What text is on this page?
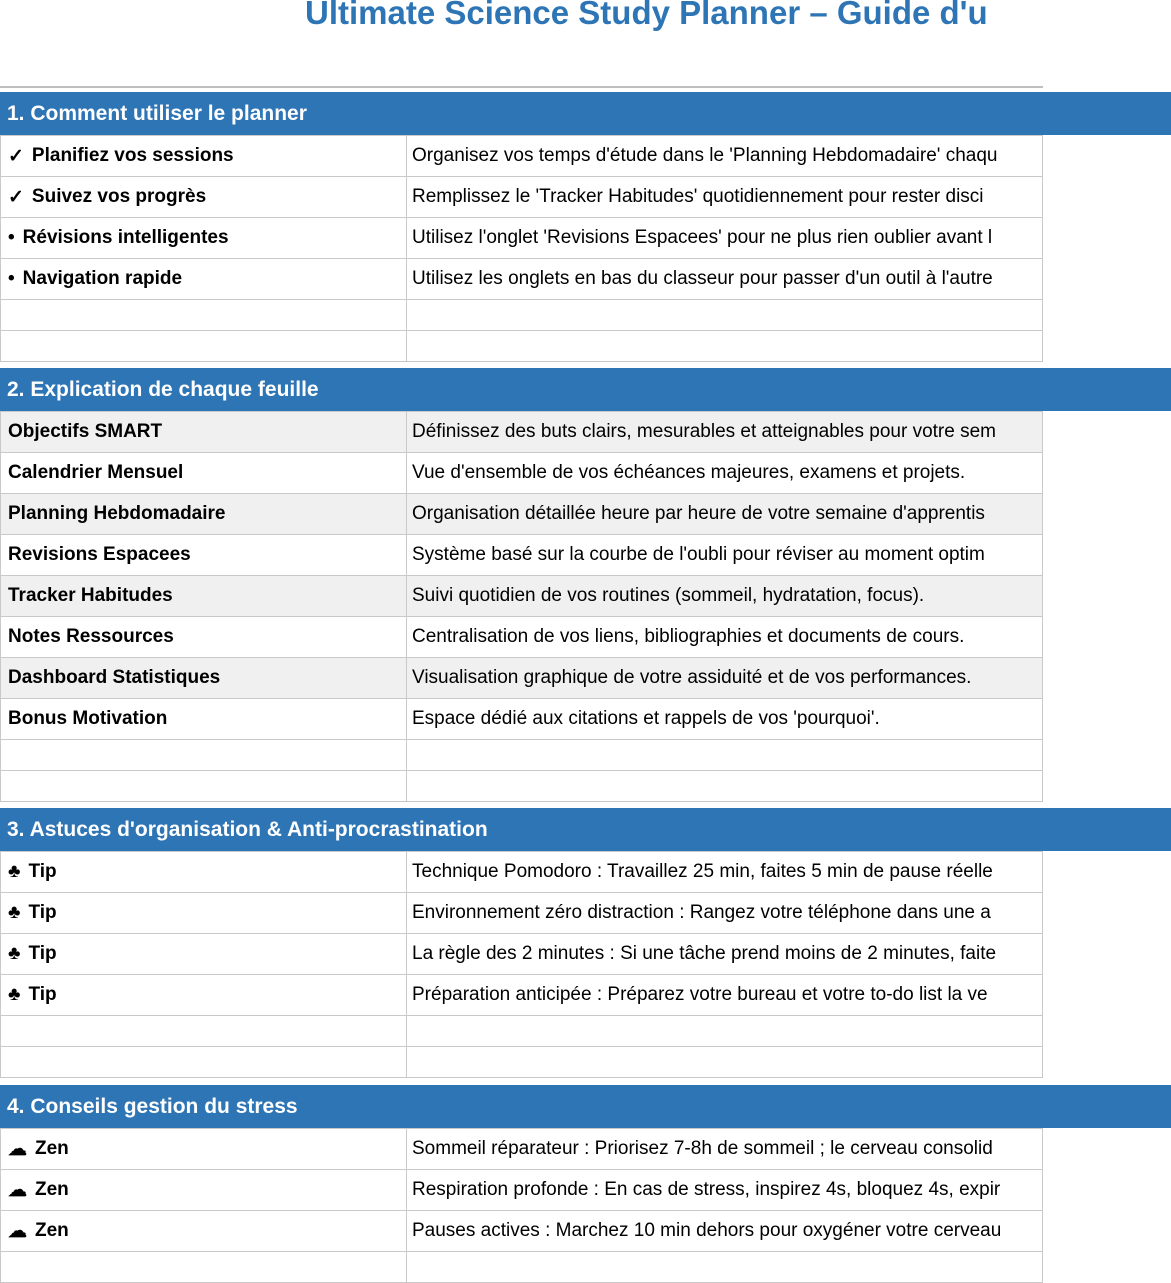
Ultimate Science Study Planner – Guide d'u
1. Comment utiliser le planner
✓ Planifiez vos sessions	Organisez vos temps d'étude dans le 'Planning Hebdomadaire' chaqu
✓ Suivez vos progrès	Remplissez le 'Tracker Habitudes' quotidiennement pour rester disci
• Révisions intelligentes	Utilisez l'onglet 'Revisions Espacees' pour ne plus rien oublier avant l
• Navigation rapide	Utilisez les onglets en bas du classeur pour passer d'un outil à l'autre
2. Explication de chaque feuille
Objectifs SMART	Définissez des buts clairs, mesurables et atteignables pour votre sem
Calendrier Mensuel	Vue d'ensemble de vos échéances majeures, examens et projets.
Planning Hebdomadaire	Organisation détaillée heure par heure de votre semaine d'apprentis
Revisions Espacees	Système basé sur la courbe de l'oubli pour réviser au moment optim
Tracker Habitudes	Suivi quotidien de vos routines (sommeil, hydratation, focus).
Notes Ressources	Centralisation de vos liens, bibliographies et documents de cours.
Dashboard Statistiques	Visualisation graphique de votre assiduité et de vos performances.
Bonus Motivation	Espace dédié aux citations et rappels de vos 'pourquoi'.
3. Astuces d'organisation & Anti-procrastination
♣ Tip	Technique Pomodoro : Travaillez 25 min, faites 5 min de pause réelle
♣ Tip	Environnement zéro distraction : Rangez votre téléphone dans une a
♣ Tip	La règle des 2 minutes : Si une tâche prend moins de 2 minutes, faite
♣ Tip	Préparation anticipée : Préparez votre bureau et votre to-do list la ve
4. Conseils gestion du stress
☁ Zen	Sommeil réparateur : Priorisez 7-8h de sommeil ; le cerveau consolid
☁ Zen	Respiration profonde : En cas de stress, inspirez 4s, bloquez 4s, expir
☁ Zen	Pauses actives : Marchez 10 min dehors pour oxygéner votre cerveau
